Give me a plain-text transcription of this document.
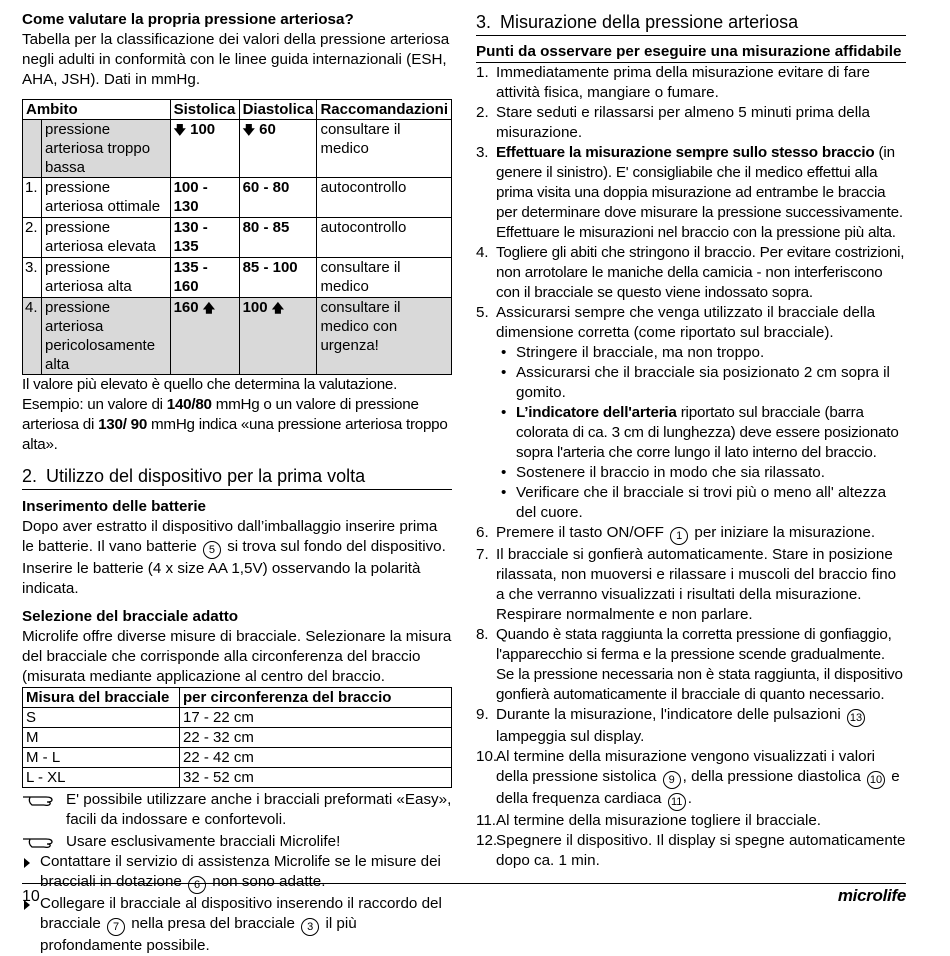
Come valutare la propria pressione arteriosa?

Tabella per la classificazione dei valori della pressione arteriosa negli adulti in conformità con le linee guida internazionali (ESH, AHA, JSH). Dati in mmHg.

Ambito		Sistolica	Diastolica	Raccomandazioni
	pressione arteriosa troppo bassa	🡇 100	🡇 60	consultare il medico
1.	pressione arteriosa ottimale	100 - 130	60 - 80	autocontrollo
2.	pressione arteriosa elevata	130 - 135	80 - 85	autocontrollo
3.	pressione arteriosa alta	135 - 160	85 - 100	consultare il medico
4.	pressione arteriosa pericolosamente alta	160 🡅	100 🡅	consultare il medico con urgenza!

Il valore più elevato è quello che determina la valutazione. Esempio: un valore di 140/80 mmHg o un valore di pressione arteriosa di 130/ 90 mmHg indica «una pressione arteriosa troppo alta».

2. Utilizzo del dispositivo per la prima volta

Inserimento delle batterie

Dopo aver estratto il dispositivo dall’imballaggio inserire prima le batterie. Il vano batterie 5 si trova sul fondo del dispositivo. Inserire le batterie (4 x size AA 1,5V) osservando la polarità indicata.

Selezione del bracciale adatto

Microlife offre diverse misure di bracciale. Selezionare la misura del bracciale che corrisponde alla circonferenza del braccio (misurata mediante applicazione al centro del braccio.

Misura del bracciale	per circonferenza del braccio
S	17 - 22 cm
M	22 - 32 cm
M - L	22 - 42 cm
L - XL	32 - 52 cm
E' possibile utilizzare anche i bracciali preformati «Easy», facili da indossare e confortevoli.
Usare esclusivamente bracciali Microlife!
Contattare il servizio di assistenza Microlife se le misure dei bracciali in dotazione 6 non sono adatte.
Collegare il bracciale al dispositivo inserendo il raccordo del bracciale 7 nella presa del bracciale 3 il più profondamente possibile.
3. Misurazione della pressione arteriosa

Punti da osservare per eseguire una misurazione affidabile

1. Immediatamente prima della misurazione evitare di fare attività fisica, mangiare o fumare.
2. Stare seduti e rilassarsi per almeno 5 minuti prima della misurazione.
3. Effettuare la misurazione sempre sullo stesso braccio (in genere il sinistro). E' consigliabile che il medico effettui alla prima visita una doppia misurazione ad entrambe le braccia per determinare dove misurare la pressione successivamente. Effettuare le misurazioni nel braccio con la pressione più alta.
4. Togliere gli abiti che stringono il braccio. Per evitare costrizioni, non arrotolare le maniche della camicia - non interferiscono con il bracciale se questo viene indossato sopra.
5. Assicurarsi sempre che venga utilizzato il bracciale della dimensione corretta (come riportato sul bracciale).
• Stringere il bracciale, ma non troppo.
• Assicurarsi che il bracciale sia posizionato 2 cm sopra il gomito.
• L’indicatore dell'arteria riportato sul bracciale (barra colorata di ca. 3 cm di lunghezza) deve essere posizionato sopra l'arteria che corre lungo il lato interno del braccio.
• Sostenere il braccio in modo che sia rilassato.
• Verificare che il bracciale si trovi più o meno all' altezza del cuore.
6. Premere il tasto ON/OFF 1 per iniziare la misurazione.
7. Il bracciale si gonfierà automaticamente. Stare in posizione rilassata, non muoversi e rilassare i muscoli del braccio fino a che verranno visualizzati i risultati della misurazione. Respirare normalmente e non parlare.
8. Quando è stata raggiunta la corretta pressione di gonfiaggio, l'apparecchio si ferma e la pressione scende gradualmente. Se la pressione necessaria non è stata raggiunta, il dispositivo gonfierà automaticamente il bracciale di quanto necessario.
9. Durante la misurazione, l'indicatore delle pulsazioni 13 lampeggia sul display.
10.
Al termine della misurazione vengono visualizzati i valori della pressione sistolica 9 , della pressione diastolica 10 e della frequenza cardiaca 11 .
11. Al termine della misurazione togliere il bracciale.
12.
Spegnere il dispositivo. Il display si spegne automaticamente dopo ca. 1 min.
10	microlife
